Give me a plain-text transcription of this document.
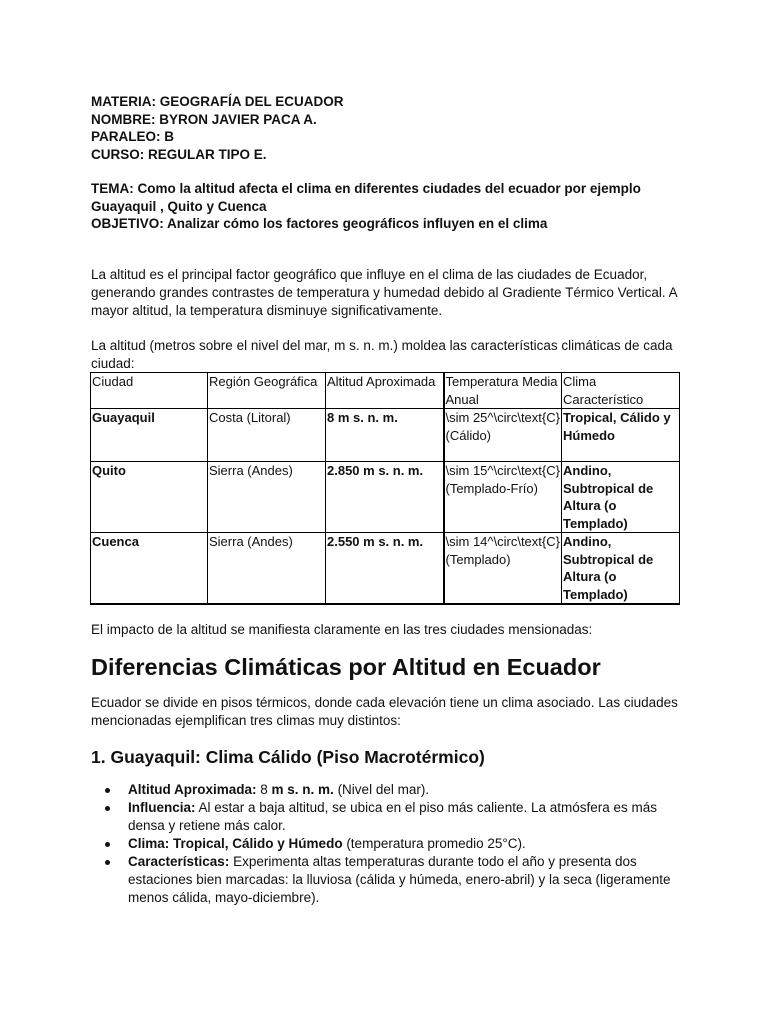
MATERIA: GEOGRAFÍA DEL ECUADOR
NOMBRE: BYRON JAVIER PACA A.
PARALEO: B
CURSO: REGULAR TIPO E.
TEMA: Como la altitud afecta el clima en diferentes ciudades del ecuador por ejemplo Guayaquil , Quito y Cuenca
OBJETIVO: Analizar cómo los factores geográficos influyen en el clima
La altitud es el principal factor geográfico que influye en el clima de las ciudades de Ecuador, generando grandes contrastes de temperatura y humedad debido al Gradiente Térmico Vertical. A mayor altitud, la temperatura disminuye significativamente.
La altitud (metros sobre el nivel del mar, m s. n. m.) moldea las características climáticas de cada ciudad:
Ciudad	Región Geográfica	Altitud Aproximada	Temperatura Media Anual	Clima Característico
Guayaquil	Costa (Litoral)	8 m s. n. m.	\sim 25^\circ\text{C} (Cálido)	Tropical, Cálido y Húmedo
Quito	Sierra (Andes)	2.850 m s. n. m.	\sim 15^\circ\text{C} (Templado-Frío)	Andino, Subtropical de Altura (o Templado)
Cuenca	Sierra (Andes)	2.550 m s. n. m.	\sim 14^\circ\text{C} (Templado)	Andino, Subtropical de Altura (o Templado)
El impacto de la altitud se manifiesta claramente en las tres ciudades mensionadas:
Diferencias Climáticas por Altitud en Ecuador
Ecuador se divide en pisos térmicos, donde cada elevación tiene un clima asociado. Las ciudades mencionadas ejemplifican tres climas muy distintos:
1. Guayaquil: Clima Cálido (Piso Macrotérmico)
Altitud Aproximada: 8 m s. n. m. (Nivel del mar).
Influencia: Al estar a baja altitud, se ubica en el piso más caliente. La atmósfera es más densa y retiene más calor.
Clima: Tropical, Cálido y Húmedo (temperatura promedio 25°C).
Características: Experimenta altas temperaturas durante todo el año y presenta dos estaciones bien marcadas: la lluviosa (cálida y húmeda, enero-abril) y la seca (ligeramente menos cálida, mayo-diciembre).
